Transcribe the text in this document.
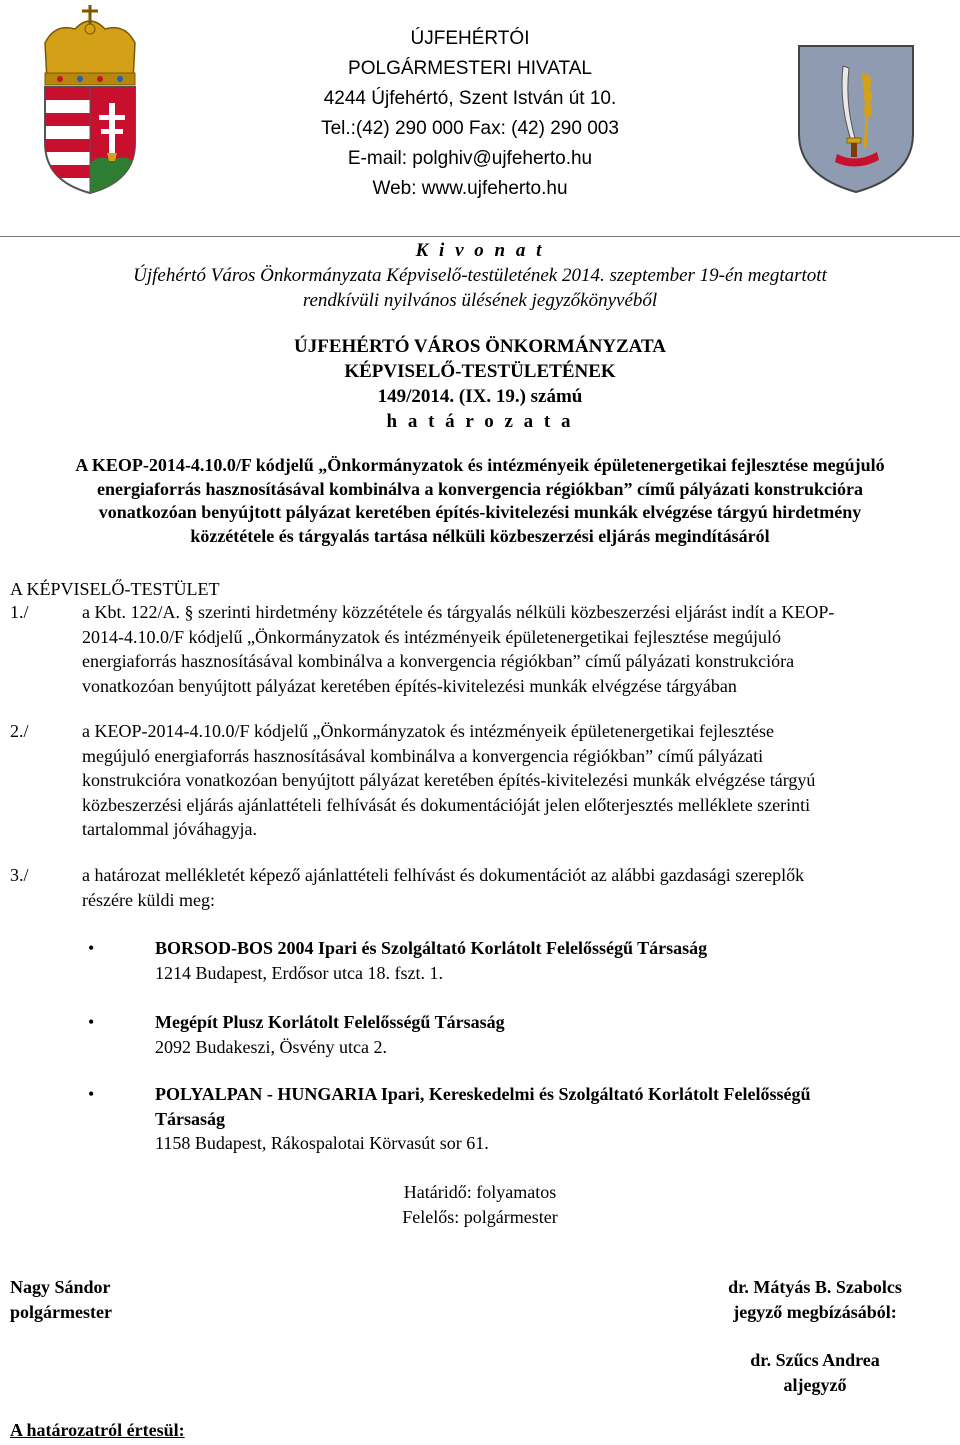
ÚJFEHÉRTÓI
POLGÁRMESTERI HIVATAL
4244 Újfehértó, Szent István út 10.
Tel.:(42) 290 000 Fax: (42) 290 003
E-mail: polghiv@ujfeherto.hu
Web: www.ujfeherto.hu
K i v o n a t
Újfehértó Város Önkormányzata Képviselő-testületének 2014. szeptember 19-én megtartott
rendkívüli nyilvános ülésének jegyzőkönyvéből
ÚJFEHÉRTÓ VÁROS ÖNKORMÁNYZATA
KÉPVISELŐ-TESTÜLETÉNEK
149/2014. (IX. 19.) számú
h a t á r o z a t a
A KEOP-2014-4.10.0/F kódjelű „Önkormányzatok és intézményeik épületenergetikai fejlesztése megújuló
energiaforrás hasznosításával kombinálva a konvergencia régiókban” című pályázati konstrukcióra
vonatkozóan benyújtott pályázat keretében építés-kivitelezési munkák elvégzése tárgyú hirdetmény
közzététele és tárgyalás tartása nélküli közbeszerzési eljárás megindításáról
A KÉPVISELŐ-TESTÜLET
1./	a Kbt. 122/A. § szerinti hirdetmény közzététele és tárgyalás nélküli közbeszerzési eljárást indít a KEOP-
2014-4.10.0/F kódjelű „Önkormányzatok és intézményeik épületenergetikai fejlesztése megújuló
energiaforrás hasznosításával kombinálva a konvergencia régiókban” című pályázati konstrukcióra
vonatkozóan benyújtott pályázat keretében építés-kivitelezési munkák elvégzése tárgyában
2./	a KEOP-2014-4.10.0/F kódjelű „Önkormányzatok és intézményeik épületenergetikai fejlesztése
megújuló energiaforrás hasznosításával kombinálva a konvergencia régiókban” című pályázati
konstrukcióra vonatkozóan benyújtott pályázat keretében építés-kivitelezési munkák elvégzése tárgyú
közbeszerzési eljárás ajánlattételi felhívását és dokumentációját jelen előterjesztés melléklete szerinti
tartalommal jóváhagyja.
3./	a határozat mellékletét képező ajánlattételi felhívást és dokumentációt az alábbi gazdasági szereplők
részére küldi meg:
•	BORSOD-BOS 2004 Ipari és Szolgáltató Korlátolt Felelősségű Társaság
1214 Budapest, Erdősor utca 18. fszt. 1.
•	Megépít Plusz Korlátolt Felelősségű Társaság
2092 Budakeszi, Ösvény utca 2.
•	POLYALPAN - HUNGARIA Ipari, Kereskedelmi és Szolgáltató Korlátolt Felelősségű
Társaság
1158 Budapest, Rákospalotai Körvasút sor 61.
Határidő: folyamatos
Felelős: polgármester
Nagy Sándor
polgármester
dr. Mátyás B. Szabolcs
jegyző megbízásából:
dr. Szűcs Andrea
aljegyző
A határozatról értesül:
